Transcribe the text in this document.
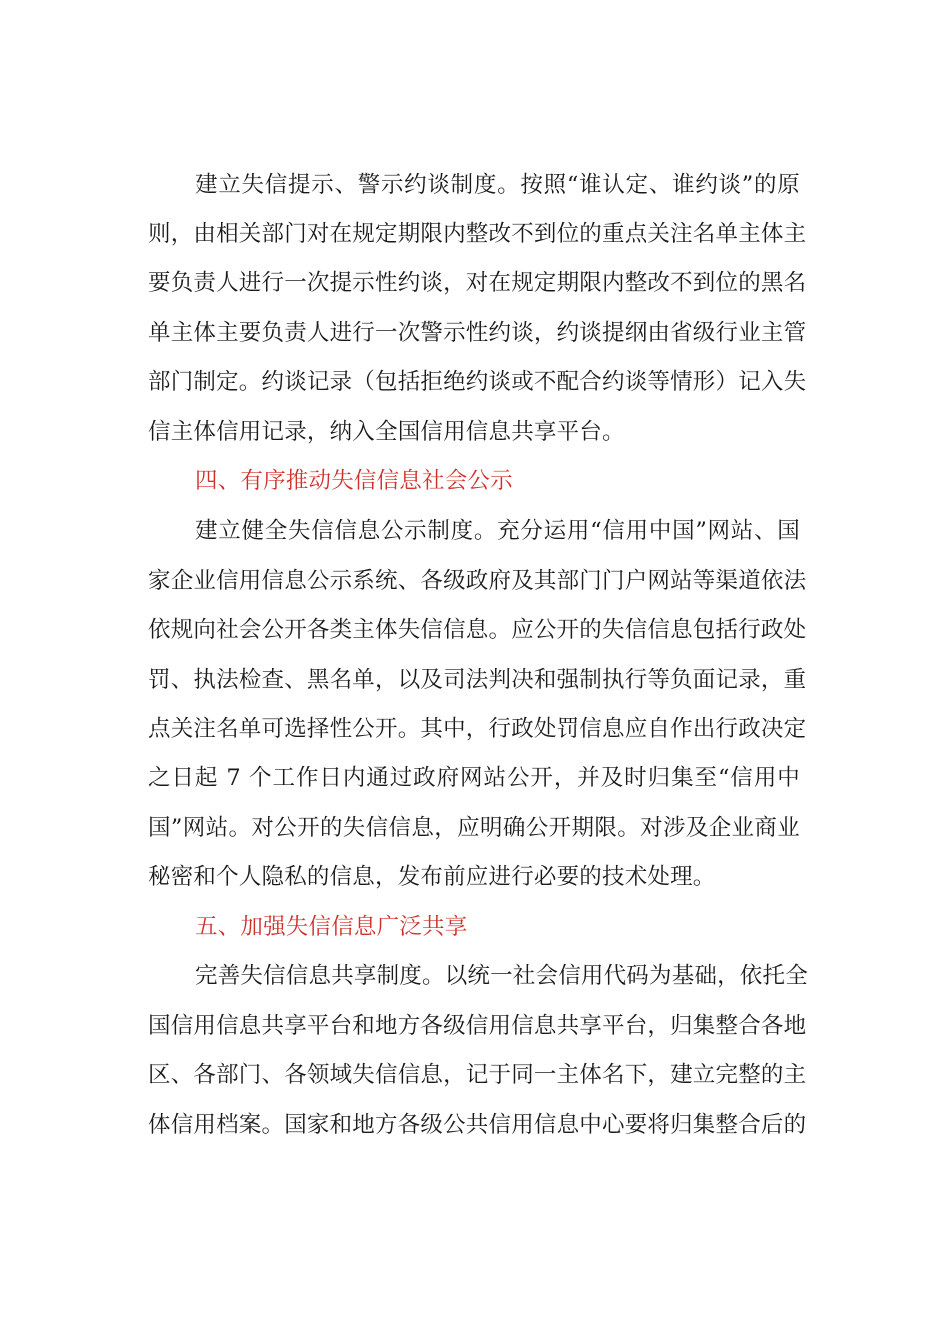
建立失信提示、警示约谈制度。按照“谁认定、谁约谈”的原
则，由相关部门对在规定期限内整改不到位的重点关注名单主体主
要负责人进行一次提示性约谈，对在规定期限内整改不到位的黑名
单主体主要负责人进行一次警示性约谈，约谈提纲由省级行业主管
部门制定。约谈记录（包括拒绝约谈或不配合约谈等情形）记入失
信主体信用记录，纳入全国信用信息共享平台。
四、有序推动失信信息社会公示
建立健全失信信息公示制度。充分运用“信用中国”网站、国
家企业信用信息公示系统、各级政府及其部门门户网站等渠道依法
依规向社会公开各类主体失信信息。应公开的失信信息包括行政处
罚、执法检查、黑名单，以及司法判决和强制执行等负面记录，重
点关注名单可选择性公开。其中，行政处罚信息应自作出行政决定
之日起 7 个工作日内通过政府网站公开，并及时归集至“信用中
国”网站。对公开的失信信息，应明确公开期限。对涉及企业商业
秘密和个人隐私的信息，发布前应进行必要的技术处理。
五、加强失信信息广泛共享
完善失信信息共享制度。以统一社会信用代码为基础，依托全
国信用信息共享平台和地方各级信用信息共享平台，归集整合各地
区、各部门、各领域失信信息，记于同一主体名下，建立完整的主
体信用档案。国家和地方各级公共信用信息中心要将归集整合后的
